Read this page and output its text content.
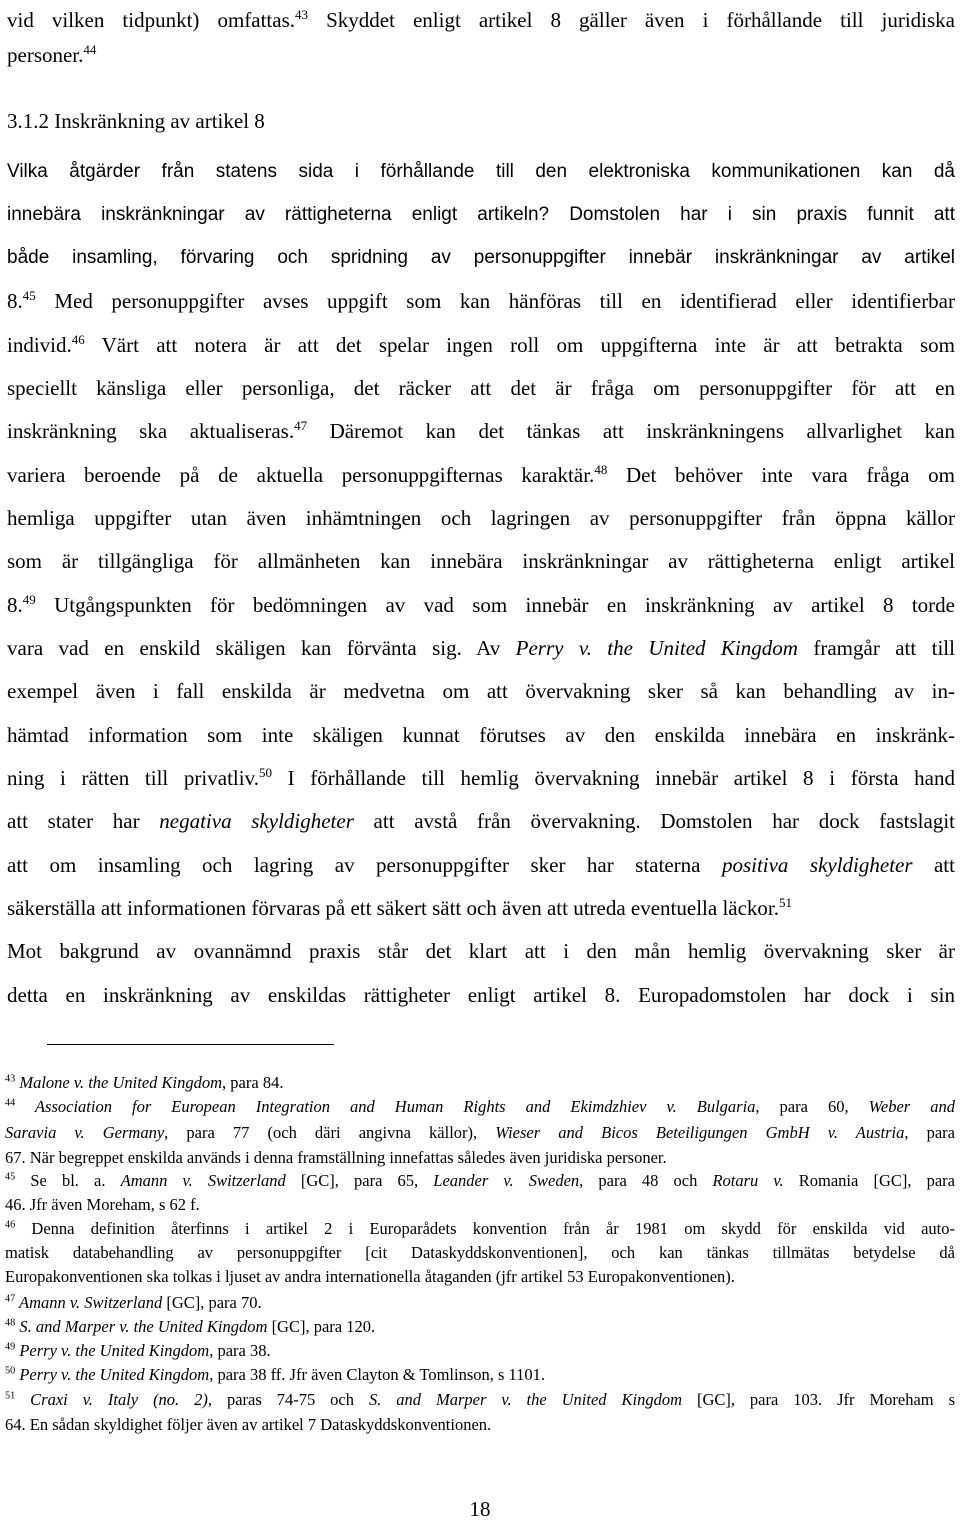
vid vilken tidpunkt) omfattas.$^{43}$ Skyddet enligt artikel 8 gäller även i förhållande till juridiska
personer.$^{44}$
3.1.2 Inskränkning av artikel 8
Vilka åtgärder från statens sida i förhållande till den elektroniska kommunikationen kan då
innebära inskränkningar av rättigheterna enligt artikeln? Domstolen har i sin praxis funnit att
både insamling, förvaring och spridning av personuppgifter innebär inskränkningar av artikel
8.45 Med personuppgifter avses uppgift som kan hänföras till en identifierad eller identifierbar
individ.$^{46}$ Värt att notera är att det spelar ingen roll om uppgifterna inte är att betrakta som
speciellt känsliga eller personliga, det räcker att det är fråga om personuppgifter för att en
inskränkning ska aktualiseras.$^{47}$ Däremot kan det tänkas att inskränkningens allvarlighet kan
variera beroende på de aktuella personuppgifternas karaktär.$^{48}$ Det behöver inte vara fråga om
hemliga uppgifter utan även inhämtningen och lagringen av personuppgifter från öppna källor
som är tillgängliga för allmänheten kan innebära inskränkningar av rättigheterna enligt artikel
8.49 Utgångspunkten för bedömningen av vad som innebär en inskränkning av artikel 8 torde
vara vad en enskild skäligen kan förvänta sig. Av Perry v. the United Kingdom framgår att till
exempel även i fall enskilda är medvetna om att övervakning sker så kan behandling av in-
hämtad information som inte skäligen kunnat förutses av den enskilda innebära en inskränk-
ning i rätten till privatliv.$^{50}$ I förhållande till hemlig övervakning innebär artikel 8 i första hand
att stater har negativa skyldigheter att avstå från övervakning. Domstolen har dock fastslagit
att om insamling och lagring av personuppgifter sker har staterna positiva skyldigheter att
säkerställa att informationen förvaras på ett säkert sätt och även att utreda eventuella läckor.$^{51}$
Mot bakgrund av ovannämnd praxis står det klart att i den mån hemlig övervakning sker är
detta en inskränkning av enskildas rättigheter enligt artikel 8. Europadomstolen har dock i sin
$^{43}$ Malone v. the United Kingdom, para 84.
$^{44}$ Association for European Integration and Human Rights and Ekimdzhiev v. Bulgaria, para 60, Weber and
Saravia v. Germany, para 77 (och däri angivna källor), Wieser and Bicos Beteiligungen GmbH v. Austria, para
67. När begreppet enskilda används i denna framställning innefattas således även juridiska personer.
$^{45}$ Se bl. a. Amann v. Switzerland [GC], para 65, Leander v. Sweden, para 48 och Rotaru v. Romania [GC], para
46. Jfr även Moreham, s 62 f.
$^{46}$ Denna definition återfinns i artikel 2 i Europarådets konvention från år 1981 om skydd för enskilda vid auto-
matisk databehandling av personuppgifter [cit Dataskyddskonventionen], och kan tänkas tillmätas betydelse då
Europakonventionen ska tolkas i ljuset av andra internationella åtaganden (jfr artikel 53 Europakonventionen).
$^{47}$ Amann v. Switzerland [GC], para 70.
$^{48}$ S. and Marper v. the United Kingdom [GC], para 120.
$^{49}$ Perry v. the United Kingdom, para 38.
$^{50}$ Perry v. the United Kingdom, para 38 ff. Jfr även Clayton & Tomlinson, s 1101.
$^{51}$ Craxi v. Italy (no. 2), paras 74-75 och S. and Marper v. the United Kingdom [GC], para 103. Jfr Moreham s
64. En sådan skyldighet följer även av artikel 7 Dataskyddskonventionen.
18
